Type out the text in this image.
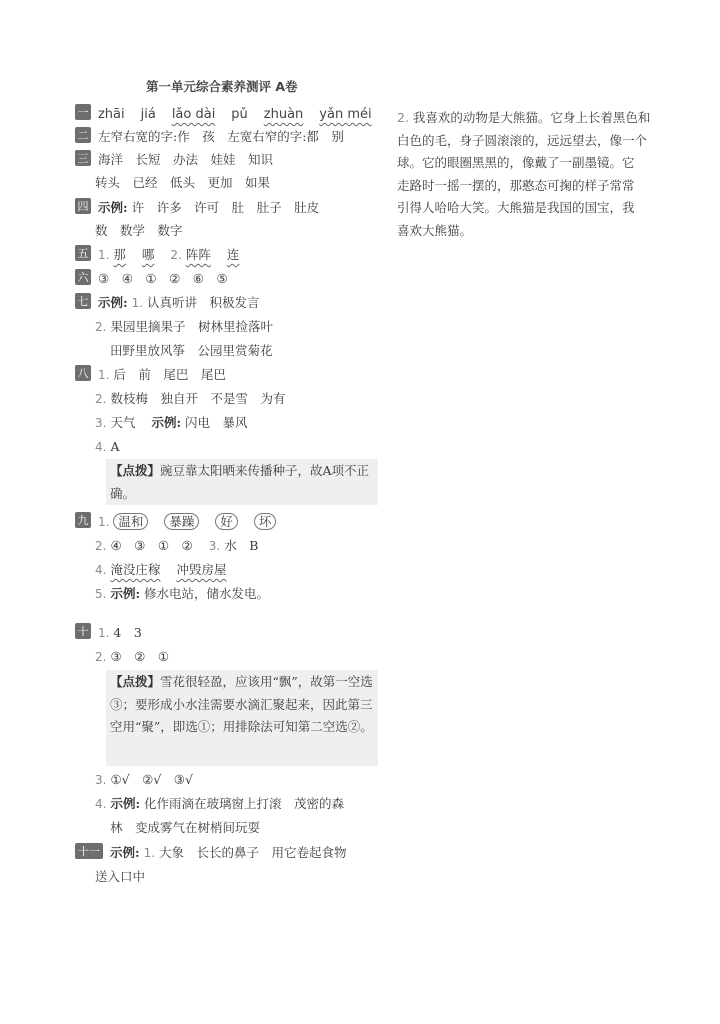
第一单元综合素养测评 A卷
一 zhāi jiá lǎo dài pǔ zhuàn yǎn méi
二 左窄右宽的字:作　孩　左宽右窄的字:都　别
三 海洋　长短　办法　娃娃　知识
转头　已经　低头　更加　如果
四 示例: 许　许多　许可　肚　肚子　肚皮
数　数学　数字
五 1. 那 哪 2. 阵阵 连
六 ③　④　①　②　⑥　⑤
七 示例: 1. 认真听讲　积极发言
2. 果园里摘果子　树林里捡落叶
田野里放风筝　公园里赏菊花
八 1. 后　前　尾巴　尾巴
2. 数枝梅　独自开　不是雪　为有
3. 天气 示例: 闪电　暴风
4. A
【点拨】豌豆靠太阳晒来传播种子，故A项不正确。
九 1. 温和 暴躁 好 坏
2. ④　③　①　② 3. 水　B
4. 淹没庄稼 冲毁房屋
5. 示例: 修水电站，储水发电。
十 1. 4　3
2. ③　②　①
【点拨】雪花很轻盈，应该用“飘”，故第一空选③；要形成小水洼需要水滴汇聚起来，因此第三空用“聚”，即选①；用排除法可知第二空选②。
3. ①√　②√　③√
4. 示例: 化作雨滴在玻璃窗上打滚　茂密的森
林　变成雾气在树梢间玩耍
十一 示例: 1. 大象　长长的鼻子　用它卷起食物
送入口中
2. 我喜欢的动物是大熊猫。它身上长着黑色和
白色的毛，身子圆滚滚的，远远望去，像一个
球。它的眼圈黑黑的，像戴了一副墨镜。它
走路时一摇一摆的，那憨态可掬的样子常常
引得人哈哈大笑。大熊猫是我国的国宝，我
喜欢大熊猫。
